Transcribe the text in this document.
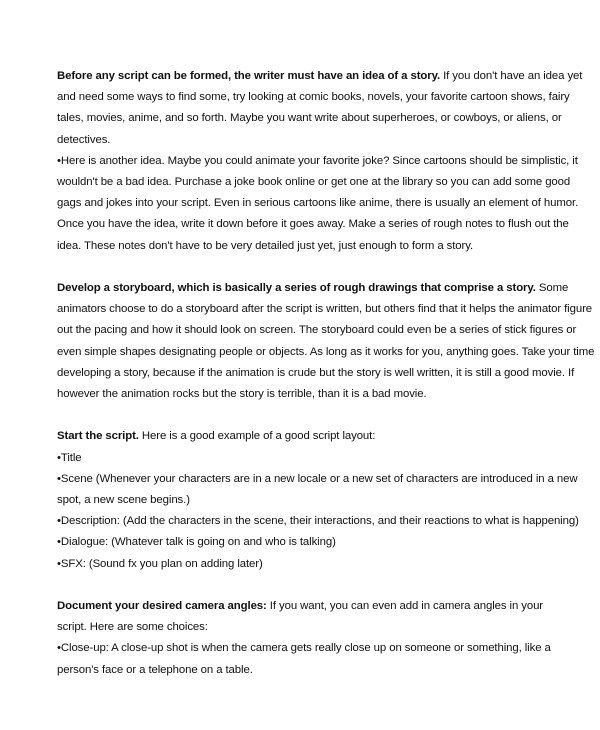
Before any script can be formed, the writer must have an idea of a story. If you don't have an idea yet
and need some ways to find some, try looking at comic books, novels, your favorite cartoon shows, fairy
tales, movies, anime, and so forth. Maybe you want write about superheroes, or cowboys, or aliens, or
detectives.
•Here is another idea. Maybe you could animate your favorite joke? Since cartoons should be simplistic, it
wouldn't be a bad idea. Purchase a joke book online or get one at the library so you can add some good
gags and jokes into your script. Even in serious cartoons like anime, there is usually an element of humor.
Once you have the idea, write it down before it goes away. Make a series of rough notes to flush out the
idea. These notes don't have to be very detailed just yet, just enough to form a story.
Develop a storyboard, which is basically a series of rough drawings that comprise a story. Some
animators choose to do a storyboard after the script is written, but others find that it helps the animator figure
out the pacing and how it should look on screen. The storyboard could even be a series of stick figures or
even simple shapes designating people or objects. As long as it works for you, anything goes. Take your time
developing a story, because if the animation is crude but the story is well written, it is still a good movie. If
however the animation rocks but the story is terrible, than it is a bad movie.
Start the script. Here is a good example of a good script layout:
•Title
•Scene (Whenever your characters are in a new locale or a new set of characters are introduced in a new
spot, a new scene begins.)
•Description: (Add the characters in the scene, their interactions, and their reactions to what is happening)
•Dialogue: (Whatever talk is going on and who is talking)
•SFX: (Sound fx you plan on adding later)
Document your desired camera angles: If you want, you can even add in camera angles in your
script. Here are some choices:
•Close-up: A close-up shot is when the camera gets really close up on someone or something, like a
person's face or a telephone on a table.
